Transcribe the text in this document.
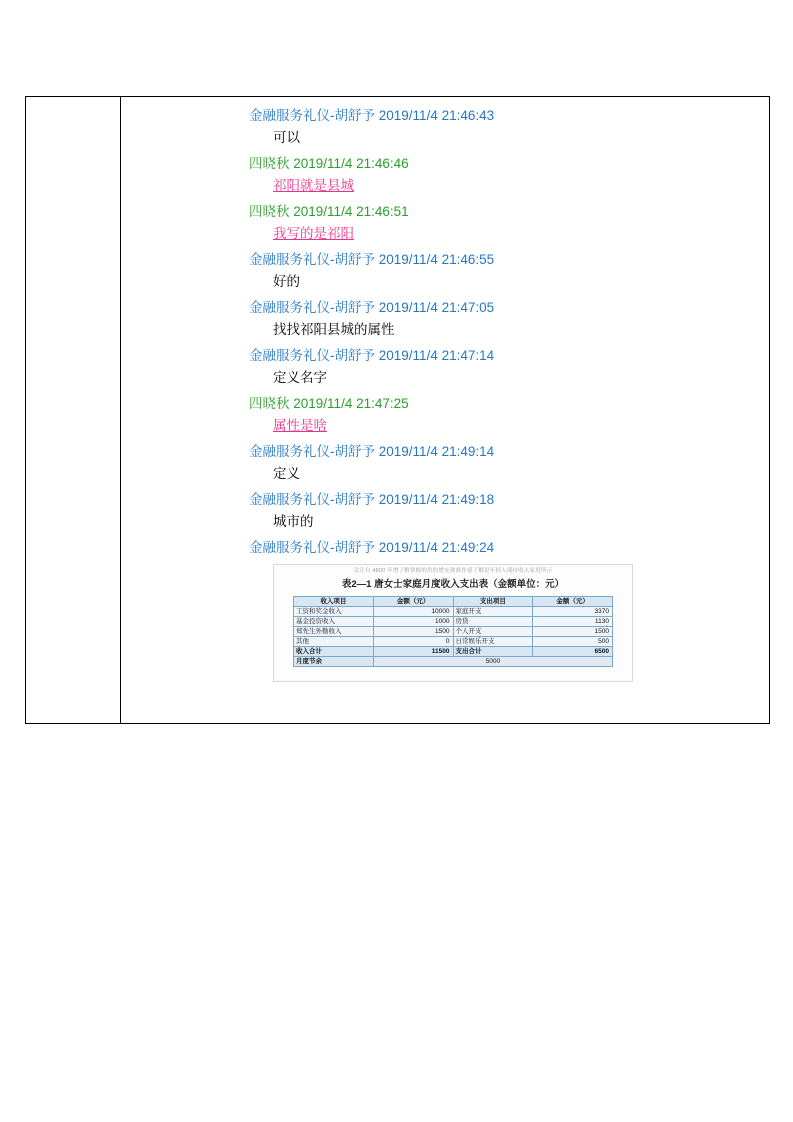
金融服务礼仪-胡舒予 2019/11/4 21:46:43
可以
四晓秋 2019/11/4 21:46:46
祁阳就是县城
四晓秋 2019/11/4 21:46:51
我写的是祁阳
金融服务礼仪-胡舒予 2019/11/4 21:46:55
好的
金融服务礼仪-胡舒予 2019/11/4 21:47:05
找找祁阳县城的属性
金融服务礼仪-胡舒予 2019/11/4 21:47:14
定义名字
四晓秋 2019/11/4 21:47:25
属性是啥
金融服务礼仪-胡舒予 2019/11/4 21:49:14
定义
金融服务礼仪-胡舒予 2019/11/4 21:49:18
城市的
金融服务礼仪-胡舒予 2019/11/4 21:49:24
关注自 4800 年增了解掌握的贵的增充现准作请了解是年轻人保持收入家庭所示
表2—1 唐女士家庭月度收入支出表（金额单位：元）
收入项目	金额（元）	支出项目	金额（元）
工资和奖金收入	10000	家庭开支	3370
基金投资收入	1000	房贷	1130
郑先生外勤收入	1500	个人开支	1500
其他	0	日常娱乐开支	500
收入合计	11500	支出合计	6500
月度节余	5000		
